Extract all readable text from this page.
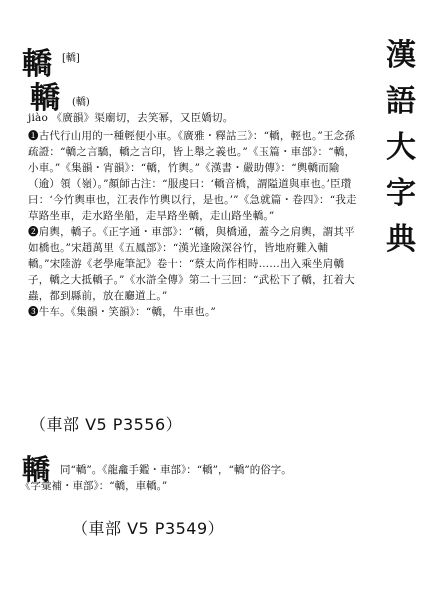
漢
語
大
字
典
轎 [轎]
轎 (轎)

jiào 《廣韻》渠廟切，去笑幂，又臣嬌切。

❶古代行山用的一種輕便小車。《廣雅・釋詁三》：“轎，輕也。”王念孫疏證：“轎之言驕，轎之言印，皆上舉之義也。”《玉篇・車部》：“轎，小車。”《集韻・宵韻》：“轎，竹輿。”《漢書・嚴助傳》：“輿轎而隃（逾）領（嶺）。”顏師古注：“服虔曰：‘轎音橋，謂隘道與車也。’臣瓚曰：‘今竹輿車也，江表作竹輿以行，是也。’”《急就篇・卷四》：“我走草路坐車，走水路坐船，走旱路坐轎，走山路坐轎。”

❷肩輿，轎子。《正字通・車部》：“轎，與橋通，蓋今之肩輿，謂其平如橋也。”宋趙萬里《五鳳部》：“漢光逢險深谷竹，皆地府難入輔轎。”宋陸游《老學庵筆記》卷十：“蔡太尚作相時……出入乘坐肩轎子，轎之大抵轎子。”《水滸全傳》第二十三回：“武松下了轎，扛着大蟲，都到縣前，放在廳道上。”

❸牛车。《集韻・笑韻》：“轎，牛車也。”

（車部 V5 P3556）
轎 同“轎”。《龍龕手鑑・車部》：“轎”，“轎”的俗字。

《字彙補・車部》：“轎，車轎。”

（車部 V5 P3549）
